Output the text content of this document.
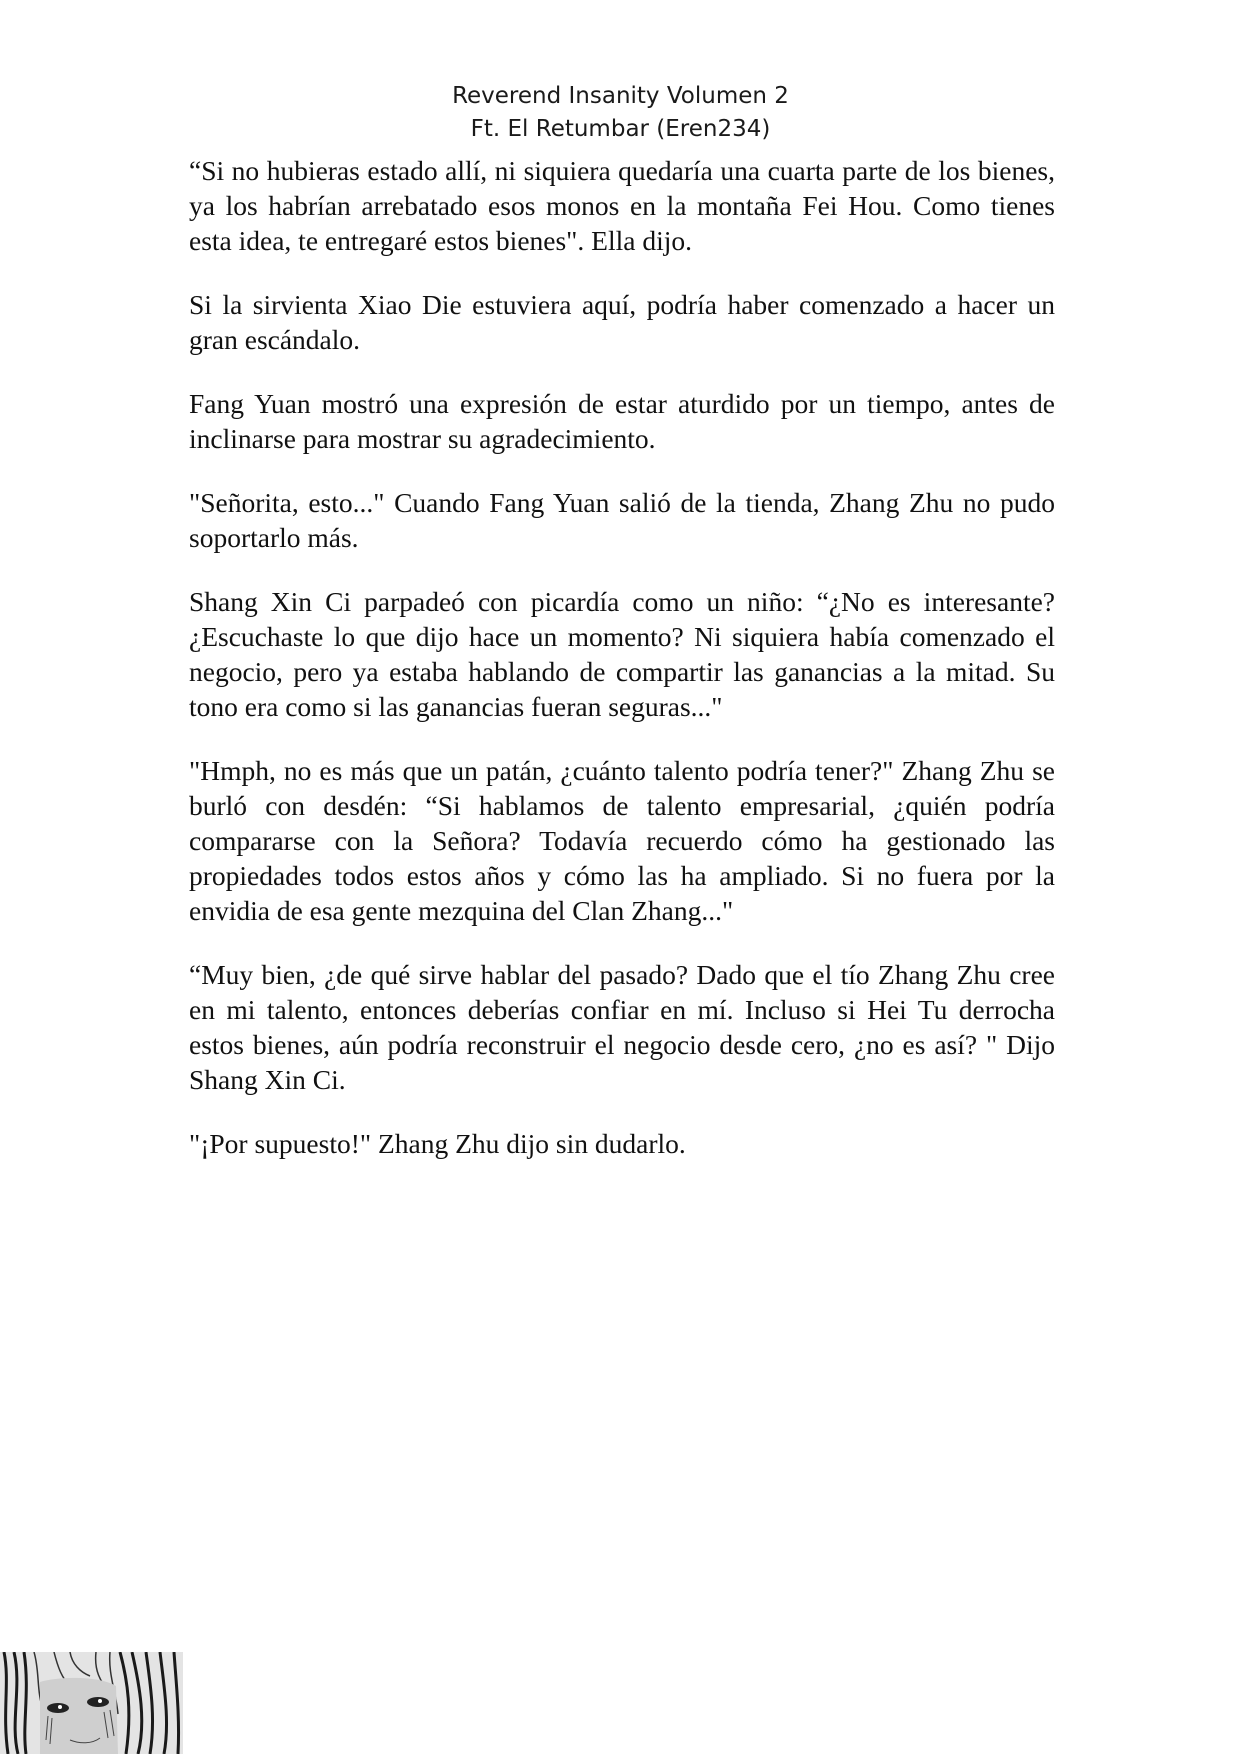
Reverend Insanity Volumen 2
Ft. El Retumbar (Eren234)

“Si no hubieras estado allí, ni siquiera quedaría una cuarta parte de los bienes, ya los habrían arrebatado esos monos en la montaña Fei Hou. Como tienes esta idea, te entregaré estos bienes". Ella dijo.

Si la sirvienta Xiao Die estuviera aquí, podría haber comenzado a hacer un gran escándalo.

Fang Yuan mostró una expresión de estar aturdido por un tiempo, antes de inclinarse para mostrar su agradecimiento.

"Señorita, esto..." Cuando Fang Yuan salió de la tienda, Zhang Zhu no pudo soportarlo más.

Shang Xin Ci parpadeó con picardía como un niño: “¿No es interesante? ¿Escuchaste lo que dijo hace un momento? Ni siquiera había comenzado el negocio, pero ya estaba hablando de compartir las ganancias a la mitad. Su tono era como si las ganancias fueran seguras..."

"Hmph, no es más que un patán, ¿cuánto talento podría tener?" Zhang Zhu se burló con desdén: “Si hablamos de talento empresarial, ¿quién podría compararse con la Señora? Todavía recuerdo cómo ha gestionado las propiedades todos estos años y cómo las ha ampliado. Si no fuera por la envidia de esa gente mezquina del Clan Zhang..."

“Muy bien, ¿de qué sirve hablar del pasado? Dado que el tío Zhang Zhu cree en mi talento, entonces deberías confiar en mí. Incluso si Hei Tu derrocha estos bienes, aún podría reconstruir el negocio desde cero, ¿no es así? " Dijo Shang Xin Ci.

"¡Por supuesto!" Zhang Zhu dijo sin dudarlo.
